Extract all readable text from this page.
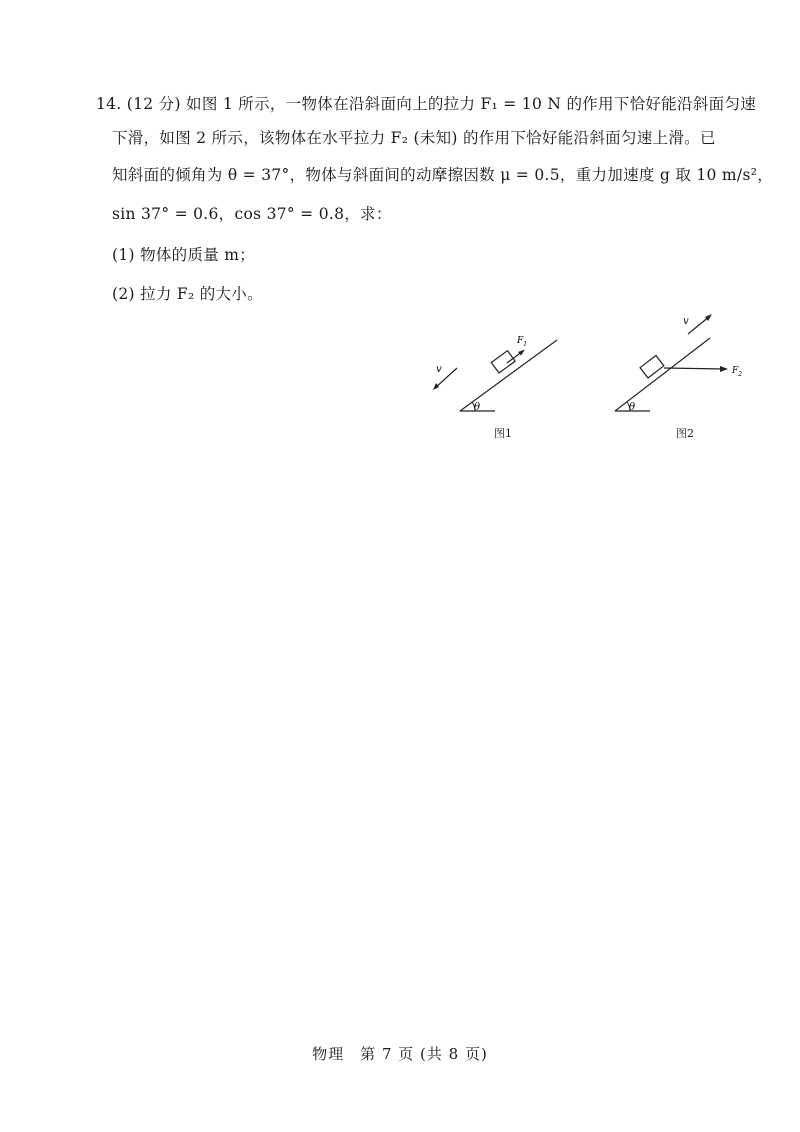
14. (12 分) 如图 1 所示，一物体在沿斜面向上的拉力 F₁ = 10 N 的作用下恰好能沿斜面匀速
下滑，如图 2 所示，该物体在水平拉力 F₂ (未知) 的作用下恰好能沿斜面匀速上滑。已
知斜面的倾角为 θ = 37°，物体与斜面间的动摩擦因数 μ = 0.5，重力加速度 g 取 10 m/s²，
sin 37° = 0.6，cos 37° = 0.8，求：
(1) 物体的质量 m；
(2) 拉力 F₂ 的大小。
θ
$F_1$
v
图1
θ
$F_2$
v
图2
物理　第 7 页 (共 8 页)
